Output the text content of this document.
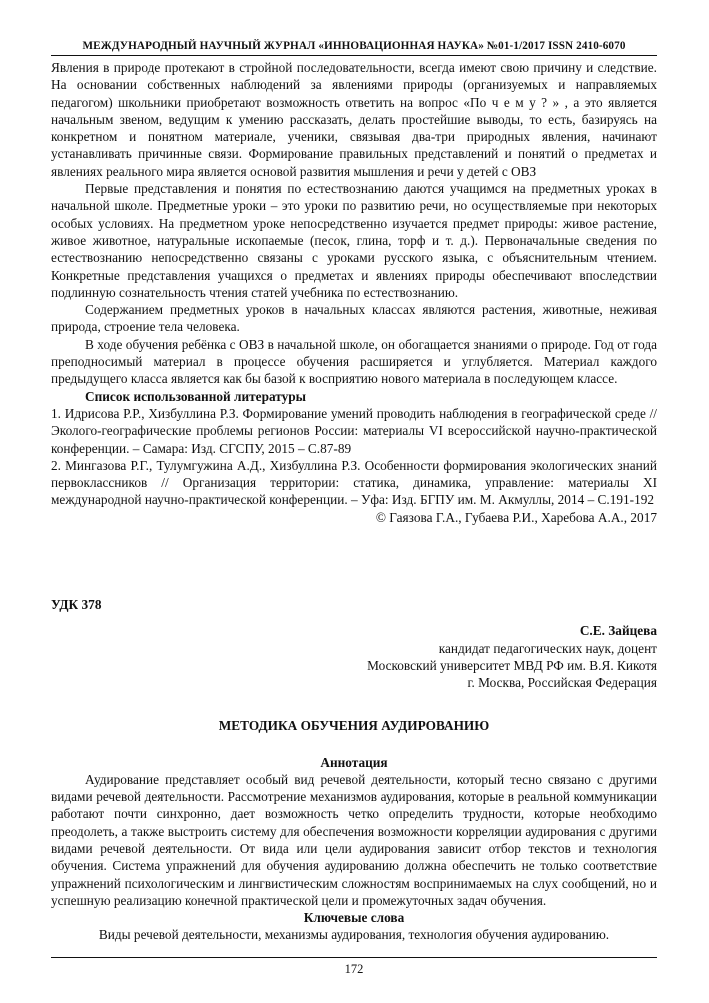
МЕЖДУНАРОДНЫЙ НАУЧНЫЙ ЖУРНАЛ «ИННОВАЦИОННАЯ НАУКА» №01-1/2017 ISSN 2410-6070

Явления в природе протекают в стройной последовательности, всегда имеют свою причину и следствие. На основании собственных наблюдений за явлениями природы (организуемых и направляемых педагогом) школьники приобретают возможность ответить на вопрос «По ч е м у ? » , а это является начальным звеном, ведущим к умению рассказать, делать простейшие выводы, то есть, базируясь на конкретном и понятном материале, ученики, связывая два-три природных явления, начинают устанавливать причинные связи. Формирование правильных представлений и понятий о предметах и явлениях реального мира является основой развития мышления и речи у детей с ОВЗ

Первые представления и понятия по естествознанию даются учащимся на предметных уроках в начальной школе. Предметные уроки – это уроки по развитию речи, но осуществляемые при некоторых особых условиях. На предметном уроке непосредственно изучается предмет природы: живое растение, живое животное, натуральные ископаемые (песок, глина, торф и т. д.). Первоначальные сведения по естествознанию непосредственно связаны с уроками русского языка, с объяснительным чтением. Конкретные представления учащихся о предметах и явлениях природы обеспечивают впоследствии подлинную сознательность чтения статей учебника по естествознанию.

Содержанием предметных уроков в начальных классах являются растения, животные, неживая природа, строение тела человека.

В ходе обучения ребёнка с ОВЗ в начальной школе, он обогащается знаниями о природе. Год от года преподносимый материал в процессе обучения расширяется и углубляется. Материал каждого предыдущего класса является как бы базой к восприятию нового материала в последующем классе.

Список использованной литературы

1. Идрисова Р.Р., Хизбуллина Р.З. Формирование умений проводить наблюдения в географической среде // Эколого-географические проблемы регионов России: материалы VI всероссийской научно-практической конференции. – Самара: Изд. СГСПУ, 2015 – С.87-89

2. Мингазова Р.Г., Тулумгужина А.Д., Хизбуллина Р.З. Особенности формирования экологических знаний первоклассников // Организация территории: статика, динамика, управление: материалы XI международной научно-практической конференции. – Уфа: Изд. БГПУ им. М. Акмуллы, 2014 – С.191-192

© Гаязова Г.А., Губаева Р.И., Харебова А.А., 2017
УДК 378
С.Е. Зайцева
кандидат педагогических наук, доцент
Московский университет МВД РФ им. В.Я. Кикотя
г. Москва, Российская Федерация
МЕТОДИКА ОБУЧЕНИЯ АУДИРОВАНИЮ
Аннотация

Аудирование представляет особый вид речевой деятельности, который тесно связано с другими видами речевой деятельности. Рассмотрение механизмов аудирования, которые в реальной коммуникации работают почти синхронно, дает возможность четко определить трудности, которые необходимо преодолеть, а также выстроить систему для обеспечения возможности корреляции аудирования с другими видами речевой деятельности. От вида или цели аудирования зависит отбор текстов и технология обучения. Система упражнений для обучения аудированию должна обеспечить не только соответствие упражнений психологическим и лингвистическим сложностям воспринимаемых на слух сообщений, но и успешную реализацию конечной практической цели и промежуточных задач обучения.

Ключевые слова
Виды речевой деятельности, механизмы аудирования, технология обучения аудированию.
172
